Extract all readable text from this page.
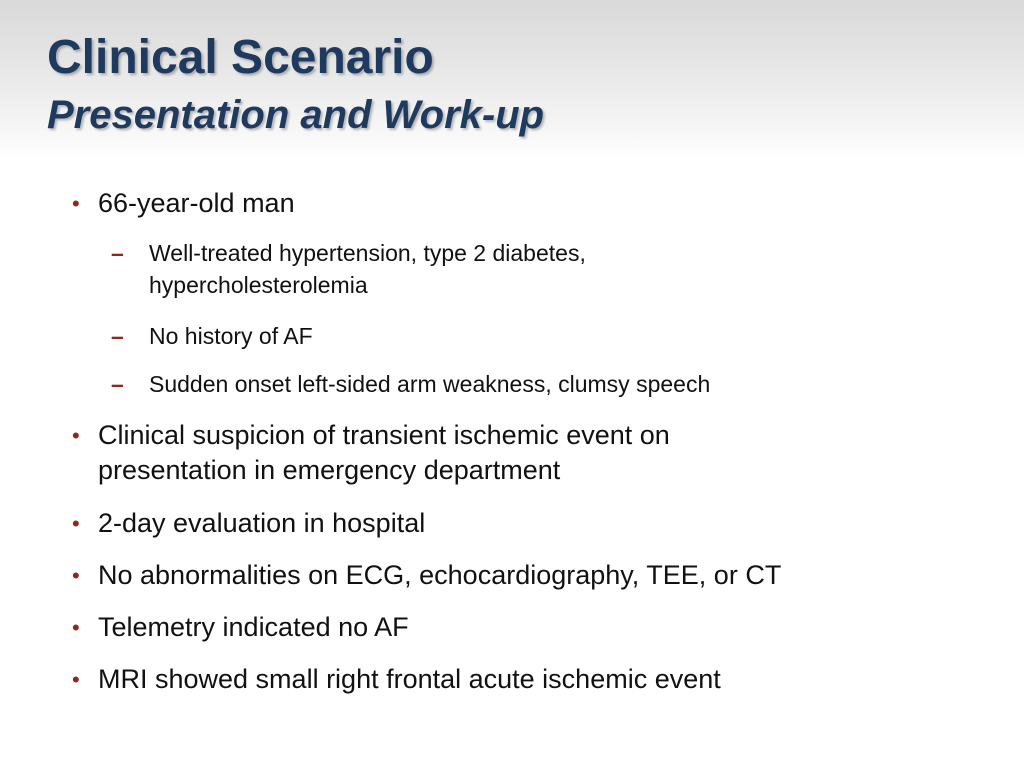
Clinical Scenario
Presentation and Work-up
• 66-year-old man
– Well-treated hypertension, type 2 diabetes,
hypercholesterolemia
– No history of AF
– Sudden onset left-sided arm weakness, clumsy speech
• Clinical suspicion of transient ischemic event on
presentation in emergency department
• 2-day evaluation in hospital
• No abnormalities on ECG, echocardiography, TEE, or CT
• Telemetry indicated no AF
• MRI showed small right frontal acute ischemic event
